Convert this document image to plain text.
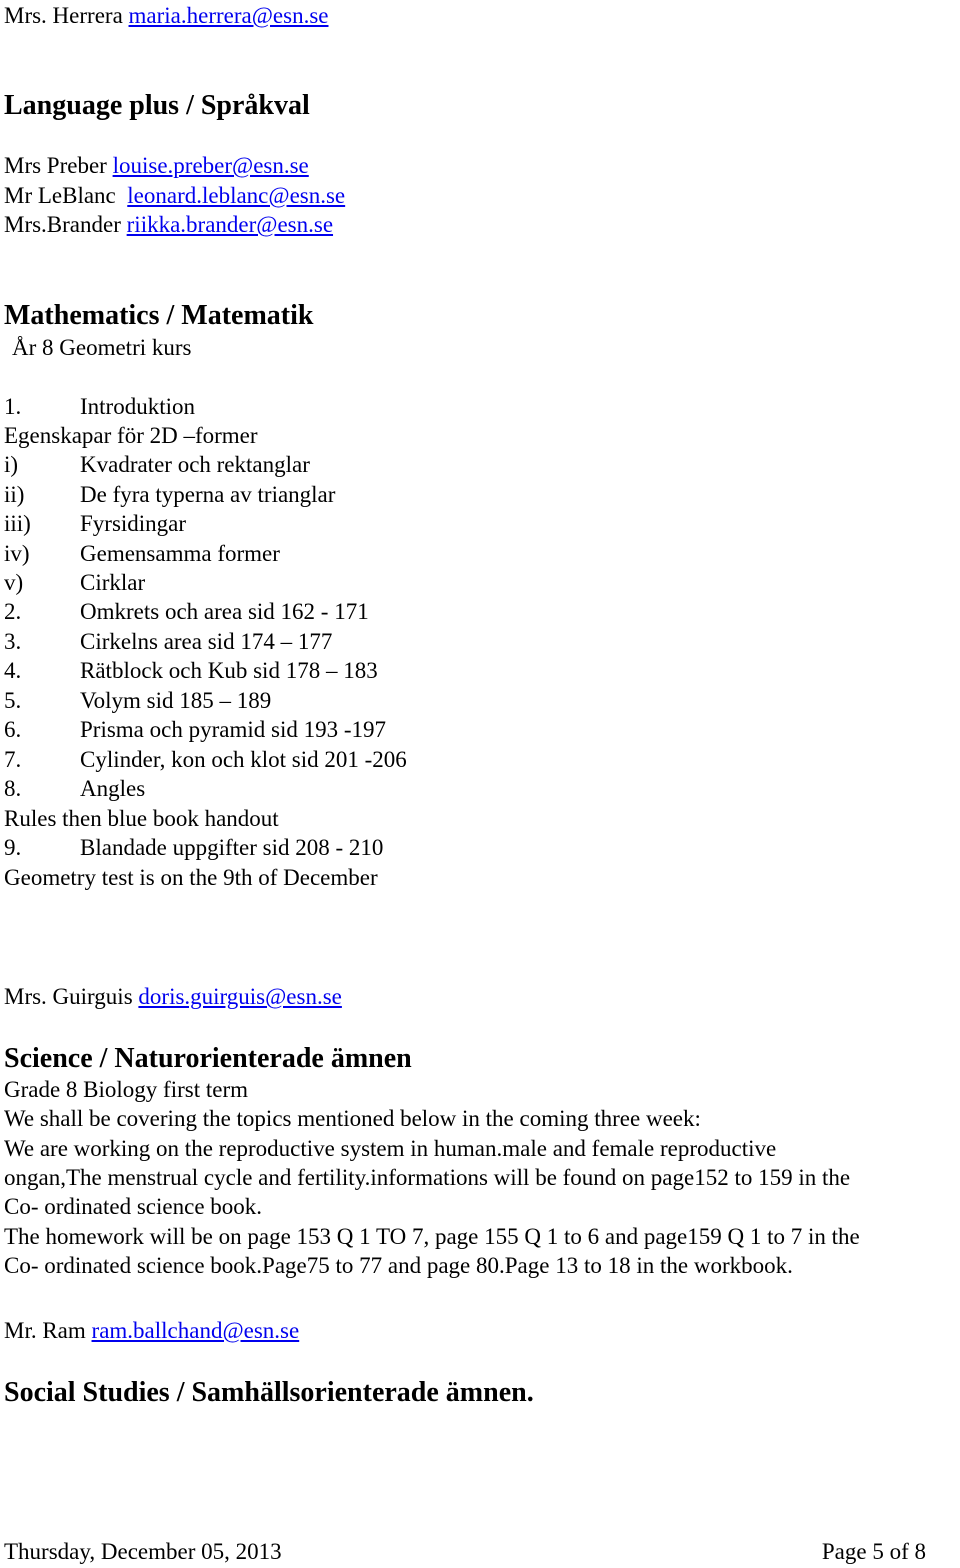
Mrs. Herrera maria.herrera@esn.se
Language plus / Språkval
Mrs Preber louise.preber@esn.se
Mr LeBlanc leonard.leblanc@esn.se
Mrs.Brander riikka.brander@esn.se
Mathematics / Matematik
År 8 Geometri kurs
1.	Introduktion
Egenskapar för 2D –former
i)	Kvadrater och rektanglar
ii) De fyra typerna av trianglar
iii) Fyrsidingar
iv) Gemensamma former
v) Cirklar
2.	Omkrets och area sid 162 - 171
3.	Cirkelns area sid 174 – 177
4.	Rätblock och Kub sid 178 – 183
5.	Volym sid 185 – 189
6.	Prisma och pyramid sid 193 -197
7.	Cylinder, kon och klot sid 201 -206
8.	Angles
Rules then blue book handout
9.	Blandade uppgifter sid 208 - 210
Geometry test is on the 9th of December
Mrs. Guirguis doris.guirguis@esn.se
Science / Naturorienterade ämnen
Grade 8 Biology first term
We shall be covering the topics mentioned below in the coming three week:
We are working on the reproductive system in human.male and female reproductive
ongan,The menstrual cycle and fertility.informations will be found on page152 to 159 in the
Co- ordinated science book.
The homework will be on page 153 Q 1 TO 7, page 155 Q 1 to 6 and page159 Q 1 to 7 in the
Co- ordinated science book.Page75 to 77 and page 80.Page 13 to 18 in the workbook.
Mr. Ram ram.ballchand@esn.se
Social Studies / Samhällsorienterade ämnen.
Thursday, December 05, 2013	Page 5 of 8
